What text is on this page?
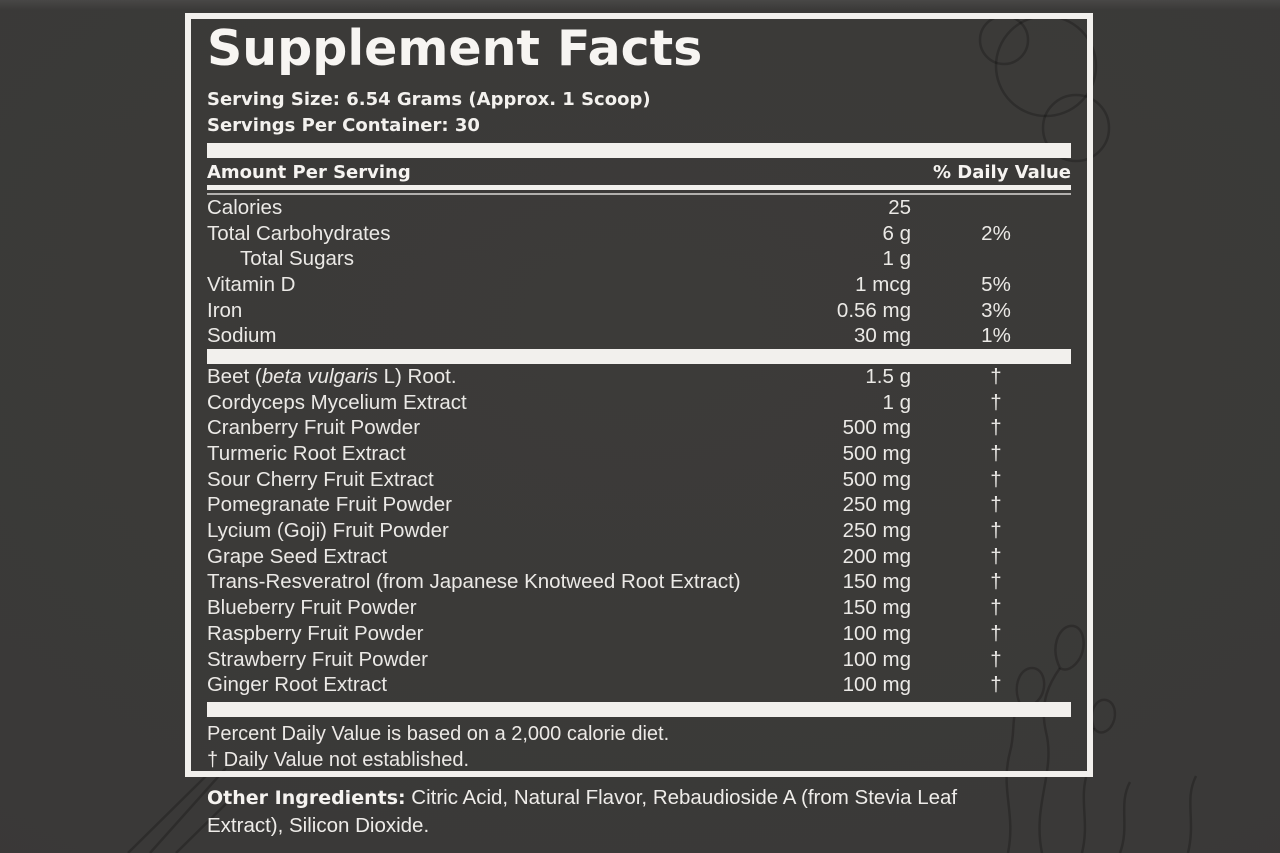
Supplement Facts
Serving Size: 6.54 Grams (Approx. 1 Scoop)
Servings Per Container: 30
Amount Per Serving	% Daily Value
Calories	25
Total Carbohydrates	6 g	2%
Total Sugars	1 g
Vitamin D	1 mcg	5%
Iron	0.56 mg	3%
Sodium	30 mg	1%
Beet (beta vulgaris L) Root.	1.5 g	†
Cordyceps Mycelium Extract	1 g	†
Cranberry Fruit Powder	500 mg	†
Turmeric Root Extract	500 mg	†
Sour Cherry Fruit Extract	500 mg	†
Pomegranate Fruit Powder	250 mg	†
Lycium (Goji) Fruit Powder	250 mg	†
Grape Seed Extract	200 mg	†
Trans-Resveratrol (from Japanese Knotweed Root Extract)	150 mg	†
Blueberry Fruit Powder	150 mg	†
Raspberry Fruit Powder	100 mg	†
Strawberry Fruit Powder	100 mg	†
Ginger Root Extract	100 mg	†
Percent Daily Value is based on a 2,000 calorie diet.
† Daily Value not established.
Other Ingredients: Citric Acid, Natural Flavor, Rebaudioside A (from Stevia Leaf Extract), Silicon Dioxide.
